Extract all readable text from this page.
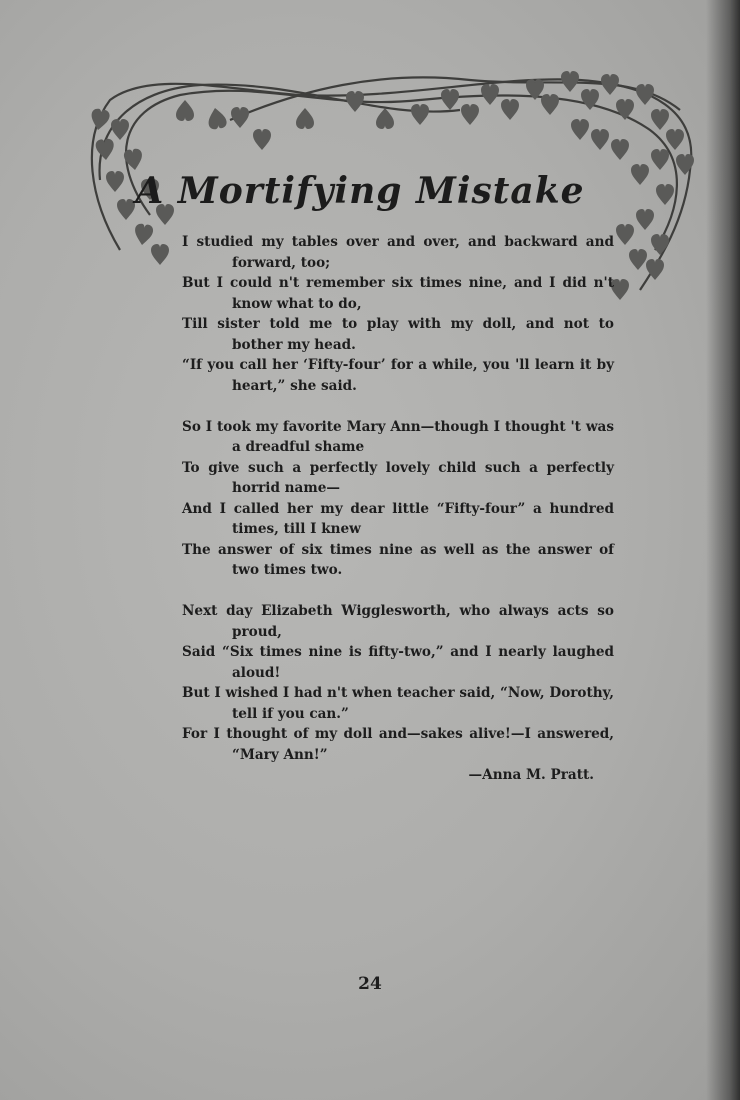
A Mortifying Mistake
I studied my tables over and over, and backward and forward, too;
But I could n't remember six times nine, and I did n't know what to do,
Till sister told me to play with my doll, and not to bother my head.
“If you call her ‘Fifty-four’ for a while, you 'll learn it by heart,” she said.
So I took my favorite Mary Ann—though I thought 't was a dreadful shame
To give such a perfectly lovely child such a perfectly horrid name—
And I called her my dear little “Fifty-four” a hundred times, till I knew
The answer of six times nine as well as the answer of two times two.
Next day Elizabeth Wigglesworth, who always acts so proud,
Said “Six times nine is fifty-two,” and I nearly laughed aloud!
But I wished I had n't when teacher said, “Now, Dorothy, tell if you can.”
For I thought of my doll and—sakes alive!—I answered, “Mary Ann!”
—Anna M. Pratt.
24
